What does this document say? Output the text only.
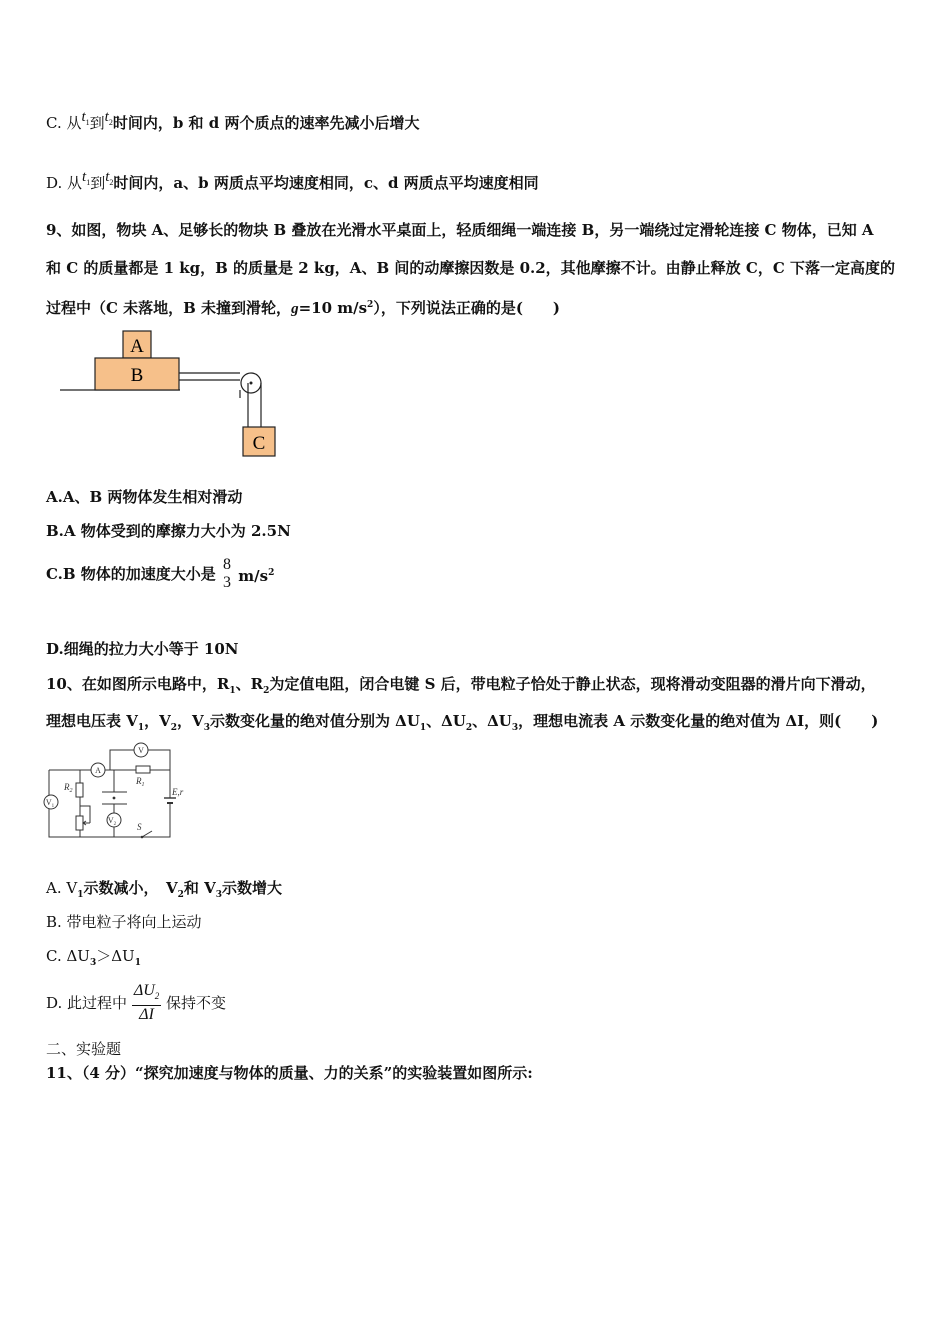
C. 从$t_1$到$t_2$时间内，b 和 d 两个质点的速率先减小后增大
D. 从$t_1$到$t_2$时间内，a、b 两质点平均速度相同，c、d 两质点平均速度相同
9、如图，物块 A、足够长的物块 B 叠放在光滑水平桌面上，轻质细绳一端连接 B，另一端绕过定滑轮连接 C 物体，已知 A
和 C 的质量都是 1 kg，B 的质量是 2 kg，A、B 间的动摩擦因数是 0.2，其他摩擦不计。由静止释放 C，C 下落一定高度的
过程中（C 未落地，B 未撞到滑轮，g=10 $m/s^2$），下列说法正确的是(　　)
A
B
C
A.A、B 两物体发生相对滑动
B.A 物体受到的摩擦力大小为 2.5N
C.B 物体的加速度大小是
8
3 $m/s^2$
D.细绳的拉力大小等于 10N
10、在如图所示电路中，$R_1$、$R_2$为定值电阻，闭合电键 S 后，带电粒子恰处于静止状态，现将滑动变阻器的滑片向下滑动，
理想电压表 $V_1$，$V_2$，$V_3$示数变化量的绝对值分别为 $\Delta U_1$、$\Delta U_2$、$\Delta U_3$，理想电流表 A 示数变化量的绝对值为 ΔI，则(　　)
V
A
$R_1$
$R_2$
$V_2$ S
E,r
$V_1$
A. $V_1$示数减小，　$V_2$和 $V_3$示数增大
B. 带电粒子将向上运动
C. $\Delta U_3>\Delta U_1$
D. 此过程中 $\frac{\Delta U_2}{\Delta I}$ 保持不变
二、实验题
11、（4 分）“探究加速度与物体的质量、力的关系”的实验装置如图所示:
